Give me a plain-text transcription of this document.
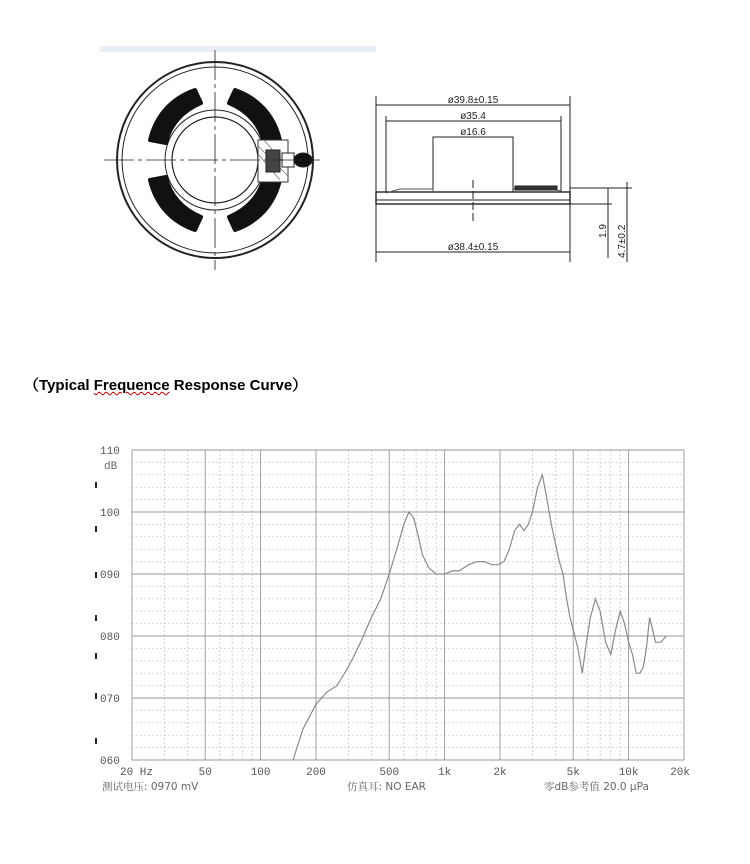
ø39.8±0.15
ø35.4
ø16.6
ø38.4±0.15
1.9 4.7±0.2
（Typical Frequence Response Curve）
110
100
090
080
070
060
20 Hz	50	100	200	500	1k	2k	5k	10k	20k
dB
测试电压: 0970 mV	仿真耳: NO EAR	零dB参考值 20.0 μPa
